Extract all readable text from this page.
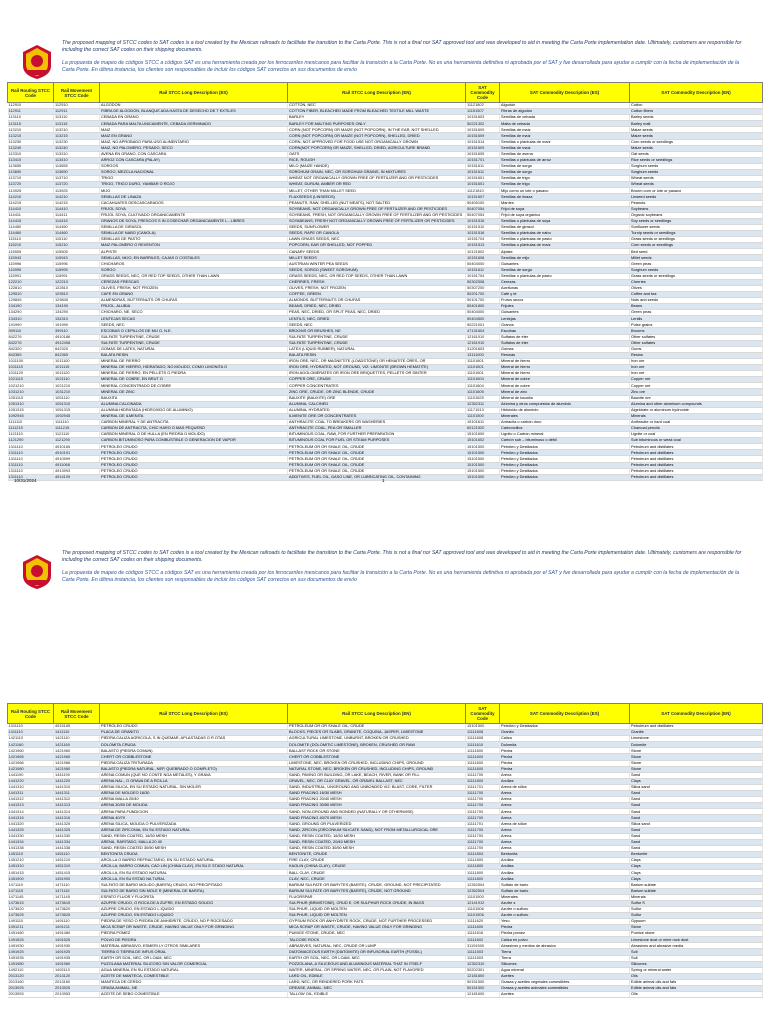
The proposed mapping of STCC codes to SAT codes is a tool created by the Mexican railroads to facilitate the transition to the Carta Porte. This is not a final nor SAT approved tool and was developed to aid in meeting the Carta Porte implementation date. Ultimately, customers are responsible for including the correct SAT codes on their shipping documents.
La propuesta de mapeo de códigos STCC a códigos SAT es una herramienta creada por los ferrocarriles mexicanos para facilitar la transición a la Carta Porte. No es una herramienta definitiva ni aprobada por el SAT y fue desarrollada para ayudar a cumplir con la fecha de implementación de la Carta Porte. En última instancia, los clientes son responsables de incluir los códigos SAT correctos en sus documentos de envío
Rail Routing STCC Code	Rail Movement STCC Code	Rail STCC Long Description (ES)	Rail STCC Long Description (EN)	SAT Commodity Code	SAT Commodity Description (ES)	SAT Commodity Description (EN)
112910	112910	ALGODON	COTTON, NEC	11121802	Algodón	Cotton
112911	112911	FIBRA DE ALGODON, BLANQUE ADA HASTA DE DESECHO DE T EXTILES	COTTON FIBER, BLEACHED MADE FROM BLEACHED TEXTILE MILL WASTE	11151507	Fibras de algodón	Cotton fibers
113110	113110	CEBADA EN GRANO	BARLEY	10151603	Semillas de cebada	Barley seeds
113115	113115	CEBADA PARA MALTA UNICAMENTE, CEBADA GERMINADO	BARLEY FOR MALTING PURPOSES ONLY	50221302	Malta de cebada	Barley malt
113210	113210	MAIZ	CORN (NOT POPCORN) OR MAIZE (NOT POPCORN), IN THE EAR, NOT SHELLED	10151609	Semillas de maíz	Maize seeds
113215	113215	MAIZ EN GRANO	CORN (NOT POPCORN) OR MAIZE (NOT POPCORN), SHELLED, DRIED	10151609	Semillas de maíz	Maize seeds
113230	113230	MAIZ, NO APROBADO PARA USO ALIMENTARIO	CORN, NOT APPROVED FOR FOOD USE NOT ORGANICALLY GROWN	10151514	Semillas o plántulas de maíz	Corn seeds or seedlings
113240	113240	MAIZ, NO PALOMERO, PESADO, SECO	CORN(NOT POPCORN) OR MAIZE, SHELLED, DRIED, AGRICULTURE BRAND	10151609	Semillas de maíz	Maize seeds
113310	113310	AVENA EN GRANO, CON CASCARA	OATS	10151605	Semillas de avena	Oat seeds
113410	113410	ARROZ CON CASCARA (PALAY)	RICE, ROUGH	10151701	Semillas o plántulas de arroz	Rice seeds or seedlings
113655	113655	SORGOS	MILO (MAIZE HANDE)	10151611	Semillas de sorgo	Sorghum seeds
113690	113690	SORGO, MEZCLA NACIONAL	SORGHUM GRAIN, NEC, OR SORGHUM GRAINS, IN MIXTURES	10151611	Semillas de sorgo	Sorghum seeds
113710	113710	TRIGO	WHEAT NOT ORGANICALLY GROWN FREE OF FERTILIZER AND OR PESTICIDES	10151601	Semillas de trigo	Wheat seeds
113720	113720	TRIGO, TRIGO DURO, YAMBAR O ROJO	WHEAT, DURUM, AMBER OR RED	10151601	Semillas de trigo	Wheat seeds
113925	113925	MIJO	MILLET, OTHER THAN MILLET SEED	11121810	Mijo como un lote o pasavo	Broom corn or lote or pasavo
114210	114210	SEMILLAS DE LINAZA	FLAXSEEDS (LINSEEDS)	10151607	Semillas de linaza	Linseed seeds
114215	114215	CACAHUATES DESCASCARADOS	PEANUTS, RAW, SHELLED (NUT MEATS), NOT SALTED	50405100	Maníes	Peanuts
114410	114410	FRIJOL SOYA	SOYBEANS, NOT ORGANICALLY GROWN FREE OF FERTILIZER AND OR PESTICIDES	50407054	Frijol de soya	Soybeans
114411	114411	FRIJOL SOYA, CULTIVADO ORGANICAMENTE	SOYBEANS, FRESH, NOT ORGANICALLY GROWN FREE OF FERTILIZER AND OR PESTICIDES	50407054	Frijol de soya orgánico	Organic soybeans
114415	114415	GRANOS DE SOYA, FRESCOS S IN COSECHAR ORGANICAMENTE L...LIBRES	SOYABEANS, FRESH NOT ORGANICALLY GROWN FREE OF FERTILIZER OR PESTICIDES	10151516	Semillas o plántulas de soya	Soy seeds or seedlings
114450	114450	SEMILLA DE GIRASOL	SEEDS, SUNFLOWER	10151510	Semillas de girasol	Sunflower seeds
114460	114460	SEMILLA DE NABO (CANOLA)	SEEDS, RAPE OR CANOLA	10151516	Semillas o plántulas de nabo	Turnip seeds or seedlings
115110	115110	SEMILLAS DE PASTO	LAWN GRASS SEEDS, NEC	10151704	Semillas o plántulas de pasto	Grass seeds or seedlings
115210	115210	MAIZ PALOMERO O REVENTON	POPCORN, EAR OR SHELLED, NOT POPPED	10151513	Semillas o plántulas de maíz	Corn seeds or seedlings
115505	115505	ALPISTE	CANARY SEEDS	10121602	Alpiste	Bird seed
115943	115943	SEMILLAS, MIJO, EN BARRILES, CAJAS O COSTALES	MILLET SEEDS	10151608	Semillas de mijo	Millet seeds
115996	115996	CHICHAROS	AUSTRIAN WINTER PEA SEEDS	50404000	Guisantes	Green peas
115995	115995	SORGO	SEEDS, SORGO (SWEET SORGHUM)	10151611	Semillas de sorgo	Sorghum seeds
115991	115991	GRASS SEEDS, NEC, OR RED TOP SEEDS, OTHER THAN LAWN	GRASS SEEDS, NEC, OR RED TOP SEEDS, OTHER THAN LAWN	10151704	Semillas o plántulas de pasto	Grass seeds or seedlings
122210	122210	CEREZAS FRESCAS	CHERRIES, FRESH	50302508	Cerezas	Cherries
122810	122810	OLIVES, FRESH, NOT FROZEN	OLIVES, FRESH, NOT FROZEN	50307200	Aceitunas	Olives
129510	129510	CAFE EN GRANO	COFFEE, GREEN	50201700	Café y té	Coffee and tea
129845	129845	ALMENDRAS, BUTTERNUTS OR CHUFAS	ALMONDS, BUTTERNUTS OR CHUFAS	50101700	Frutos secos	Nuts and seeds
134190	134190	FRIJOL, ALUBIA	BEANS, DRIED, NEC, DRIED	50401800	Frijoles	Beans
134290	134290	CHICHARO, NE, SECO	PEAS, NEC, DRIED, OR SPLIT PEAS, NEC, DRIED	50404000	Guisantes	Green peas
134310	134310	LENTEJAS SECAS	LENTILS, NEC, DRIED	50404500	Lentejas	Lentils
191990	191990	SEEDS, NEC	SEEDS, NEC	50221001	Granos	Pulse grains
399110	399110	ESCOBAS O CEPILLOS DE MIJ O, N.E.	BROOMS OR BRUSHES, NE	47131604	Escobas	Brooms
842276	4910186	SULFATE TURPENTINE, CRUDE	SULFATE TURPENTINE, CRUDE	12161910	Sulfatos de éter	Other sulfates
842276	4912408	SULFATE TURPENTINE, CRUDE	SULFATE TURPENTINE, CRUDE	12161910	Sulfatos de éter	Other sulfates
842320	842320	GOMAS DE LATEX, NATURAL	LATEX (LIQUID RUBBER), NATURAL	31201603	Gomas	Gums
842365	842365	BALATA RESIN	BALATA RESIN	13111000	Resinas	Resins
1011100	1011100	MINERAL DE FIERRO	IRON ORE, NEC, OR MAGNETITE (LOADSTONE) OR HEMATITE ORES, OR	11101601	Mineral de hierro	Iron ore
1011115	1011115	MINERAL DE HIERRO, HIDRATADO, NO MOLIDO, COMO LIMONITA O	IRON ORE, HYDRATED, NOT GROUND, VIZ: LIMONITE (BROWN HEMATITE)	11101601	Mineral de hierro	Iron ore
1011120	1011120	MINERAL DE FIERRO, EN PELLETS O PIEDRA	IRON AGGLOMERATES OR IRON ORE BRIQUETTES, PELLETS OR SINTER	11101601	Mineral de hierro	Iron ore
1021110	1021110	MINERAL DE COBRE, EN BRUT O	COPPER ORE, CRUDE	11101604	Mineral de cobre	Copper ore
1021210	1021210	MINERAL CONCENTRADO DE COBRE	COPPER CONCENTRATES	11101604	Mineral de cobre	Copper ore
1031210	1031210	MINERAL DE ZINC	ZINC ORE, CRUDE, OR ZINC BLENDE, CRUDE	11101605	Mineral de zinc	Zinc ore
1051110	1051110	BAUXITA	BAUXITE (BAUXITE) ORE	11101625	Mineral de bauxita	Bauxite ore
1051310	1051310	ALUMINA CALCINADA	ALUMINA, CALCINED	12352311	Alúmina y otros compuestos de aluminio	Alumina and other aluminum compounds
1051315	1051315	ALUMINA HIDRATADA (HIDROXIDO DE ALUMINIO)	ALUMINA, HYDRATED	11171513	Hidróxido de aluminio	Algeldrate or aluminum hydroxide
1092945	1092945	MINERAL DE ILMENITA	ILMENITE ORE OR CONCENTRATES	11101500	Minerales	Minerals
1111110	1111110	CARBON MINERAL Y DE ANTRACITA	ANTHRACITE COAL TO BREAKERS OR WASHERIES	15101611	Antracita o carbón duro	Anthracite or hard coal
1111215	1111215	CARBON DE ANTRACITA, CHIC HARO O MAS PEQUEÑO	ANTHRACITE COAL, PEA OR SMALLER	60121520	Carboncillos	Charcoal pencils
1121110	1121110	CARBON MINERAL O DE HULLA (EN PIEDRA O MOLIDO)	BITUMINOUS COAL, RAW, FOR FURTHER PREPARATION	15101600	Lignito o Carbón mineral	Lignite or coal
1121290	1121290	CARBON BITUMINOSO PARA COMBUSTIBLE O GENERACION DE VAPOR	BITUMINOUS COAL FOR FUEL OR STEAM PURPOSES	15101602	Carbón sub – bituminoso o débil	Sub bituminous or weak coal
1311110	4910165	PETROLEO CRUDO	PETROLEUM OR OR SHALE OIL, CRUDE	15101500	Petróleo y Destilados	Petroleum and distillates
1311110	4910191	PETROLEO CRUDO	PETROLEUM OR OR SHALE OIL, CRUDE	15101500	Petróleo y Destilados	Petroleum and distillates
1311110	4910599	PETROLEO CRUDO	PETROLEUM OR OR SHALE OIL, CRUDE	15101500	Petróleo y Destilados	Petroleum and distillates
1311110	4911068	PETROLEO CRUDO	PETROLEUM OR OR SHALE OIL, CRUDE	15101500	Petróleo y Destilados	Petroleum and distillates
1311110	4913993	PETROLEO CRUDO	PETROLEUM OR OR SHALE OIL, CRUDE	15101500	Petróleo y Destilados	Petroleum and distillates
1311110	4914109	PETROLEO CRUDO	ADDITIVES, FUEL OIL, GASO LINE, OR LUBRICATING OIL, CONTAINING	15101500	Petróleo y Destilados	Petroleum and distillates
10/31/2024	1
The proposed mapping of STCC codes to SAT codes is a tool created by the Mexican railroads to facilitate the transition to the Carta Porte. This is not a final nor SAT approved tool and was developed to aid in meeting the Carta Porte implementation date. Ultimately, customers are responsible for including the correct SAT codes on their shipping documents.
La propuesta de mapeo de códigos STCC a códigos SAT es una herramienta creada por los ferrocarriles mexicanos para facilitar la transición a la Carta Porte. No es una herramienta definitiva ni aprobada por el SAT y fue desarrollada para ayudar a cumplir con la fecha de implementación de la Carta Porte. En última instancia, los clientes son responsables de incluir los códigos SAT correctos en sus documentos de envío
Rail Routing STCC Code	Rail Movement STCC Code	Rail STCC Long Description (ES)	Rail STCC Long Description (EN)	SAT Commodity Code	SAT Commodity Description (ES)	SAT Commodity Description (EN)
1311110	4915165	PETROLEO CRUDO	PETROLEUM OR OR SHALE OIL, CRUDE	15101500	Petróleo y Destilados	Petroleum and distillates
1411110	1411110	PLACA DE GRANITO	BLOCKS, PIECES OR SLABS, GRANITE, COQUINA, JASPER, LIMESTONE	11111608	Granito	Granite
1421110	1421110	PIEDRA CALIZA AGRICOLA, S IN QUEMAR, APLASTADAS O R OTAS	AGRICULTURAL LIMESTONE, UNBURNT, BROKEN OR CRUSHED	11111608	Caliza	Limestone
1421160	1421160	DOLOMITA CRUDA	DOLOMITE (DOLOMITIC LIMESTONE), BROKEN, CRUSHED OR RAW	11111610	Dolomita	Dolomite
1421960	1421960	BALASTO (PIEDRA COMUN)	BALLAST ROCK OR STONE	11111600	Piedra	Stone
1421965	1421965	CHERT OR COBBLESTONE	CHERT OR COBBLESTONE	11111600	Piedra	Stone
1421966	1421966	PIEDRA CALIZA TRITURADA	LIMESTONE, NEC, BROKEN OR CRUSHED, INCLUDING CHIPS, GROUND	11111600	Piedra	Stone
1421980	1421980	BALASTO (PIEDRA NATURAL, NEP, QUEBRADO O COMPLETO)	NATURAL STONE, NEC, BROKEN OR CRUSHED, INCLUDING CHIPS, GROUND	11111600	Piedra	Stone
1441190	1441190	ARENA COMUN (QUE NO CONTE NGA METALES), Y GRAVA	SAND, PAVING OR BUILDING, OR LAKE, BEACH, RIVER, BANK OR FILL	11111700	Arena	Sand
1441220	1441220	ARENA NAL., O GRAVA DE A RCILLA	GRAVEL, NEC, OR CLAY GRAVEL, OR GRAVEL BALLAST, NEC	11111800	Arcillas	Clays
1441310	1441310	ARENA SILICA, EN SU ESTADO NATURAL, SIN MOLER	SAND, INDUSTRIAL, UNGROUND AND UNBONDED VIZ: BLAST, CORE, FILTER	11111701	Arena de sílice	Silica sand
1441311	1441311	ARENA DE MOLDEO 16/30	SAND FRACING 16/30 MESH	11111700	Arena	Sand
1441312	1441312	ARENA MALLA 20/40	SAND FRACING 20/40 MESH	11111700	Arena	Sand
1441313	1441313	ARENA 30/50 DE MOLIDA	SAND FRACING 30/50 MESH	11111700	Arena	Sand
1441314	1441314	ARENA PARA FUNDICION	SAND, NON-GROUND AND BONDED (NATURALLY OR OTHERWISE)	11111700	Arena	Sand
1441316	1441316	ARENA 40/70	SAND FRACING 40/70 MESH	11111700	Arena	Sand
1441320	1441320	ARENA SILICA, MOLIDA O PULVERIZADA	SAND, GROUND OR PULVERIZED	11111701	Arena de sílice	Silica sand
1441325	1441325	ARENA DE ZIRCONIA, EN SU ESTADO NATURAL	SAND, ZIRCON (ZIRCONIUM SILICATE SAND), NOT FROM METALLURGICAL ORE	11111700	Arena	Sand
1441330	1441330	SAND, RESIN COATED, 16/30 MESH	SAND, RESIN COATED, 16/30 MESH	11111700	Arena	Sand
1441334	1441334	ARENA, RARITADO, MALLA 20 40	SAND, RESIN COATED, 20/40 MESH	11111700	Arena	Sand
1441338	1441338	SAND, RESIN COATED 30/50 MESH	SAND, RESIN COATED 30/50 MESH	11111700	Arena	Sand
1451110	1451110	BENTONITA CRUDA	BENTONITE, CRUDE	11111804	Bentonita	Bentonite
1451210	1451210	ARCILLA O BARRO REFRACTARIO, EN SU ESTADO NATURAL	FIRE CLAY, CRUDE	11111800	Arcillas	Clays
1451310	1451310	ARCILLA, BARRO COMUN, CAO LIN (CHINA CLAY), EN SU E STADO NATURAL	KAOLIN (CHINA CLAY), CRUDE	11111800	Arcillas	Clays
1451415	1451415	ARCILLA, EN SU ESTADO NATURAL	BALL CLAY, CRUDE	11111800	Arcillas	Clays
1451900	1451900	ARCILLA, EN SU ESTAD NA TURAL	CLAY, NEC, CRUDE	11111800	Arcillas	Clays
1471110	1471110	SULFATO DE BARIO MOLIDO (BARITA) CRUDO, NO PRECIPITADO	BARIUM SULFATE OR BARYTES (BARITE), CRUDE, GROUND, NOT PRECIPITATED	12352504	Sulfato de bario	Barium sulfate
1471115	1471115	SULFATO DE BARIO SIN MOLE R (MINERAL DE BARITA)	BARIUM SULFATE OR BARYTES (BARITE), CRUDE, NOT GROUND	12352504	Sulfato de bario	Barium sulfate
1471145	1471145	ESPATO FLUOR Y FLUORITA	FLUORSPAR	11101500	Minerales	Minerals
1473615	1473615	AZUFRE CRUDO, O ROCA DE A ZUFRE, EN ESTADO SOLIDO	SULPHUR (BRIMSTONE), CRUD E, OR SULPHUR ROCK CRUDE, IN BAGS	12141912	Azufre s	Sulfur S
1473620	1473620	AZUFRE CRUDO, EN ESTADO L IQUIDO	SULPHUR, LIQUID OR MOLTEN	11101506	Azufre o sulfuro	Sulfur
1473625	1473625	AZUFRE CRUDO, EN ESTADO LIQUIDO	SULPHUR, LIQUID OR MOLTEN	11101506	Azufre o sulfuro	Sulfur
1491110	1491110	PIEDRA DE YESO O PIEDRA DE ANHIDRITE, CRUDO, NO P ROCESADO	GYPSUM ROCK OR ANHYDRITE ROCK, CRUDE, NOT FURTHER PROCESSED	11111620	Yeso	Gypsum
1491211	1491211	MICA SCRAP OR WASTE, CRUDE, HAVING VALUE ONLY FOR GRINDING	MICA SCRAP OR WASTE, CRUDE, HAVING VALUE ONLY FOR GRINDING	11111600	Piedra	Stone
1491480	1491480	PIEDRA POMEZ	PUMICE STONE, CRUDE, NEC	11111616	Piedra pómez	Pumice stone
1491525	1491525	POLVO DE PIEDRA	TALCOSE ROCK	11111602	Caliza en polvo	Limestone dust or mine rock dust
1491930	1491930	MATERIAL ABRASIVO, ESMERI LY OTROS SIMILARES	ABRASIVES, NATURAL, NEC, CRUDE OR LUMP	31191500	Abrasivos y medios de abrasivo	Abrasives and abrasive media
1491925	1491925	TIERRA O TIERRA DE INFUS ORIAL	DIATOMACEOUS EARTH (DIATOMITE) OR INFUSORIAL EARTH (FOSSIL)	11111503	Tierra	Soil
1491935	1491935	EARTH OR SOIL, NEC, OR LOAM, NEC	EARTH OR SOIL, NEC, OR LOAM, NEC	11111503	Tierra	Soil
1491980	1491980	PUZOLANA MATERIAL SILICOSO SIN VALOR COMERCIAL	POZZOLANA, A SILICEOUS AND ALUMINOUS MATERIAL THAT IN ITSELF	12352310	Silicones	Silicones
1492110	1492110	AGUA MINERAL EN SU ESTADO NATURAL	WATER, MINERAL, OR SPRING WATER, NEC, OR PLAIN, NOT FLAVORED	50202301	Agua mineral	Spring or mineral water
2013120	2013120	ACEITE DE MANTECA, COMESTIBLE	LARD OIL, EDIBLE	12181600	Aceites	Oils
2013160	2013160	MANTECA DE CERDO	LARD, NEC, OR RENDERED PORK FATS	50151500	Grasas y aceites vegetales comestibles	Edible animal oils and fats
2013925	2013925	GRASA ANIMAL, NE	GREASE, ANIMAL, NEC	50151500	Grasas y aceites animales comestibles	Edible animal oils and fats
2013953	2013953	ACEITE DE SEBO COMESTIBLE	TALLOW OIL, EDIBLE	12181600	Aceites	Oils
